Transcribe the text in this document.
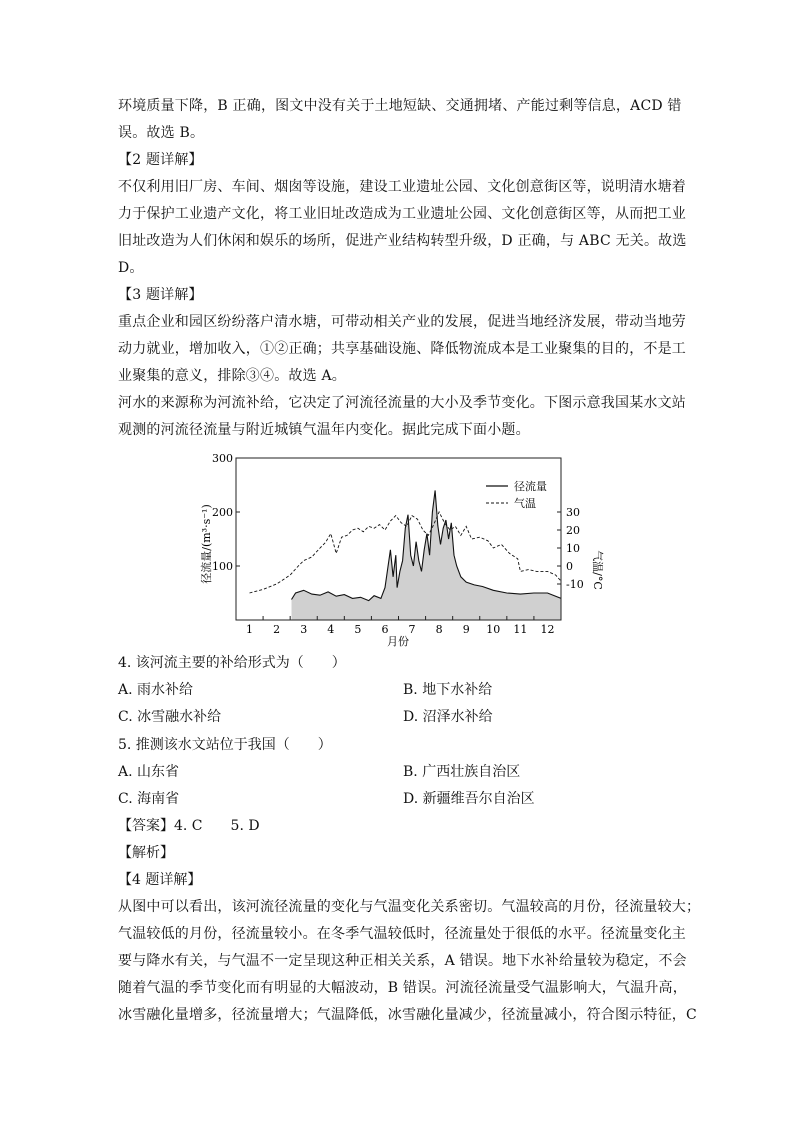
环境质量下降，B 正确，图文中没有关于土地短缺、交通拥堵、产能过剩等信息，ACD 错
误。故选 B。
【2 题详解】
不仅利用旧厂房、车间、烟囱等设施，建设工业遗址公园、文化创意街区等，说明清水塘着
力于保护工业遗产文化，将工业旧址改造成为工业遗址公园、文化创意街区等，从而把工业
旧址改造为人们休闲和娱乐的场所，促进产业结构转型升级，D 正确，与 ABC 无关。故选
D。
【3 题详解】
重点企业和园区纷纷落户清水塘，可带动相关产业的发展，促进当地经济发展，带动当地劳
动力就业，增加收入，①②正确；共享基础设施、降低物流成本是工业聚集的目的，不是工
业聚集的意义，排除③④。故选 A。
河水的来源称为河流补给，它决定了河流径流量的大小及季节变化。下图示意我国某水文站
观测的河流径流量与附近城镇气温年内变化。据此完成下面小题。
1 2 3 4 5 6 7 8 9 10 11 12
100
200
300
-10
0
10
20
30
径流量
气温
径流量/(m³·s⁻¹)	气温/°C
月份
4. 该河流主要的补给形式为（　　）
A. 雨水补给	B. 地下水补给
C. 冰雪融水补给	D. 沼泽水补给
5. 推测该水文站位于我国（　　）
A. 山东省	B. 广西壮族自治区
C. 海南省	D. 新疆维吾尔自治区
【答案】4. C 5. D
【解析】
【4 题详解】
从图中可以看出，该河流径流量的变化与气温变化关系密切。气温较高的月份，径流量较大；
气温较低的月份，径流量较小。在冬季气温较低时，径流量处于很低的水平。径流量变化主
要与降水有关，与气温不一定呈现这种正相关关系，A 错误。地下水补给量较为稳定，不会
随着气温的季节变化而有明显的大幅波动，B 错误。河流径流量受气温影响大，气温升高，
冰雪融化量增多，径流量增大；气温降低，冰雪融化量减少，径流量减小，符合图示特征，C
